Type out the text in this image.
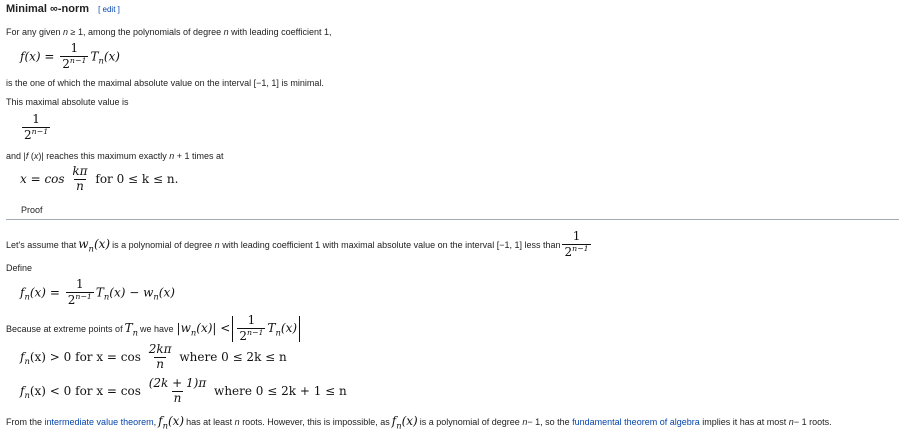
Minimal ∞-norm [ edit ]
For any given n ≥ 1, among the polynomials of degree n with leading coefficient 1,
$f(x) = \frac{1}{2^{n-1}} T_n(x)$
is the one of which the maximal absolute value on the interval [−1, 1] is minimal.
This maximal absolute value is
$\frac{1}{2^{n-1}}$
and |f (x)| reaches this maximum exactly n + 1 times at
$x = \cos \frac{k\pi}{n}$ for 0 ≤ k ≤ n.
Proof
Let's assume that $w_n(x)$ is a polynomial of degree
n
with leading coefficient 1 with maximal absolute value on the interval [−1, 1] less than $\frac{1}{2^{n-1}}$
Define
$f_n(x) = \frac{1}{2^{n-1}} T_n(x) - w_n(x)$
Because at extreme points of $T_n$ we have $|w_n(x)| < \frac{1}{2^{n-1}} T_n(x)$
$f_n(x) > 0$ for $x = \cos \frac{2k\pi}{n}$ where 0 ≤ 2k ≤ n
$f_n(x) < 0$ for $x = \cos \frac{(2k + 1)\pi}{n}$ where 0 ≤ 2k + 1 ≤ n
From the
intermediate value theorem , $f_n(x)$ has at least
n
roots. However, this is impossible, as $f_n(x)$ is a polynomial of degree
n − 1, so the
fundamental theorem of algebra
implies it has at most
n − 1 roots.
